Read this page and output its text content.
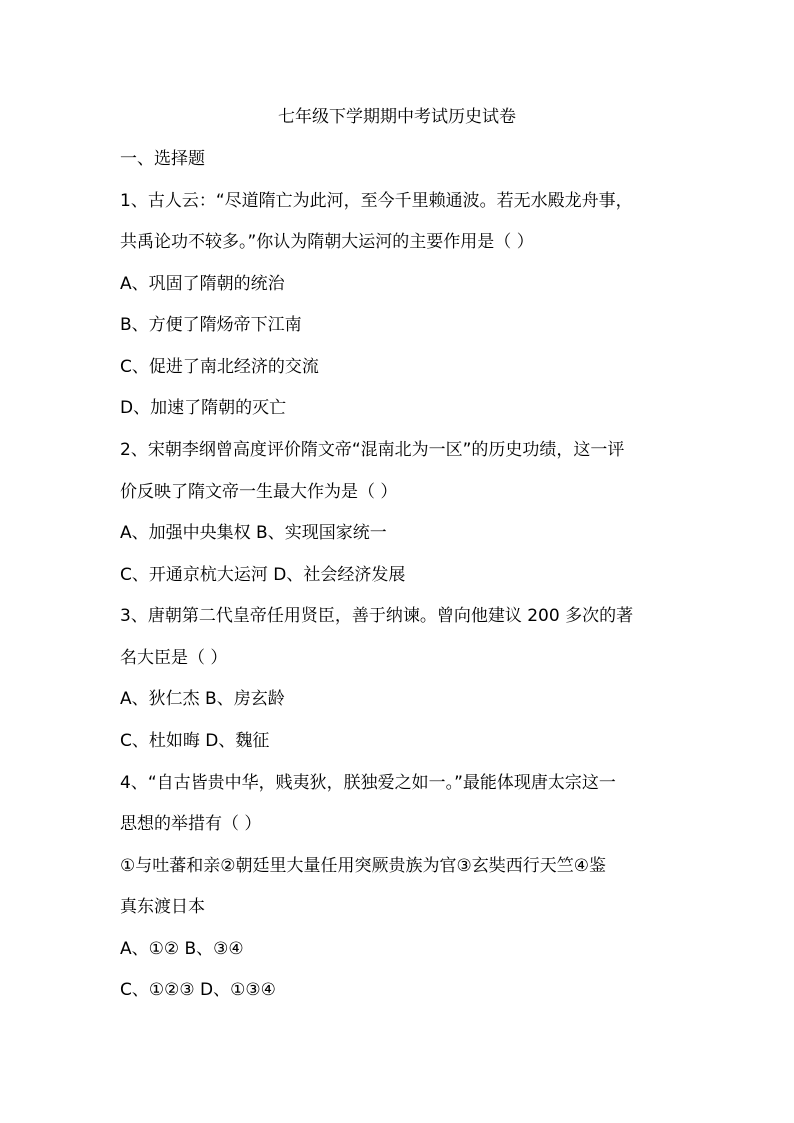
七年级下学期期中考试历史试卷
一、选择题
1、古人云：“尽道隋亡为此河，至今千里赖通波。若无水殿龙舟事，
共禹论功不较多。”你认为隋朝大运河的主要作用是（ ）
A、巩固了隋朝的统治
B、方便了隋炀帝下江南
C、促进了南北经济的交流
D、加速了隋朝的灭亡
2、宋朝李纲曾高度评价隋文帝“混南北为一区”的历史功绩，这一评
价反映了隋文帝一生最大作为是（ ）
A、加强中央集权 B、实现国家统一
C、开通京杭大运河 D、社会经济发展
3、唐朝第二代皇帝任用贤臣，善于纳谏。曾向他建议 200 多次的著
名大臣是（ ）
A、狄仁杰 B、房玄龄
C、杜如晦 D、魏征
4、“自古皆贵中华，贱夷狄，朕独爱之如一。”最能体现唐太宗这一
思想的举措有（ ）
①与吐蕃和亲②朝廷里大量任用突厥贵族为官③玄奘西行天竺④鉴
真东渡日本
A、①② B、③④
C、①②③ D、①③④
